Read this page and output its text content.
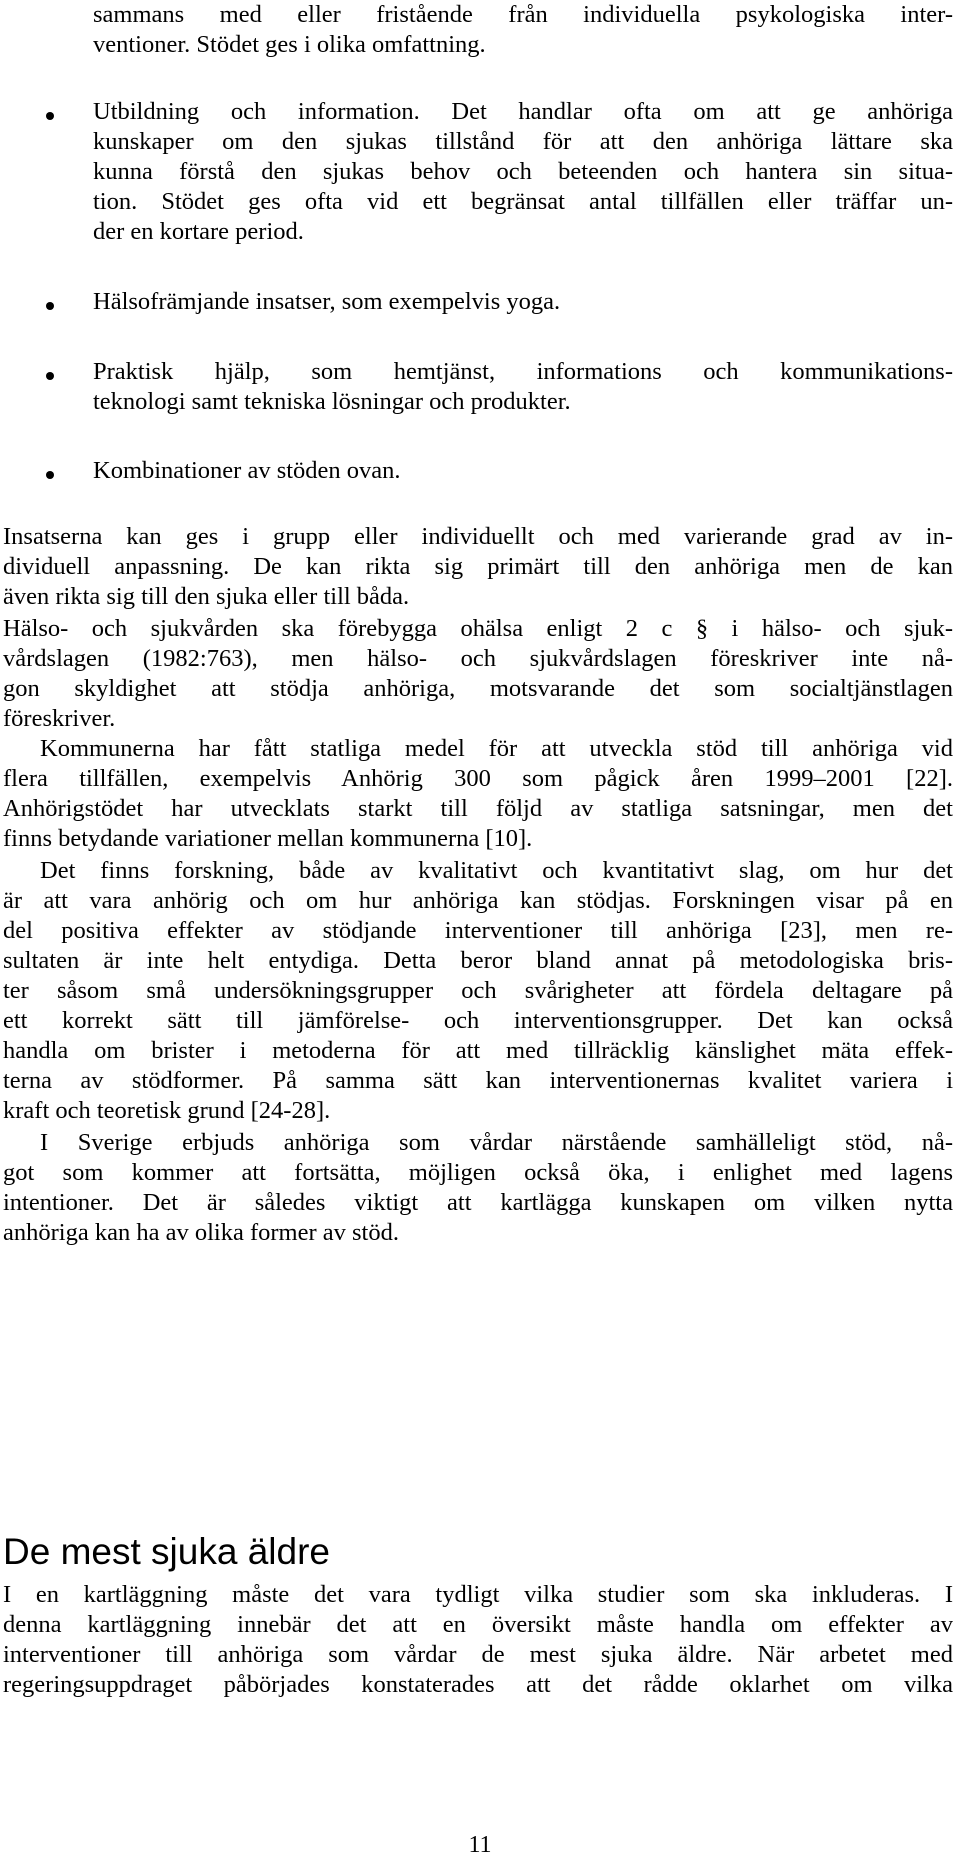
sammans med eller fristående från individuella psykologiska inter-
ventioner. Stödet ges i olika omfattning.
Utbildning och information. Det handlar ofta om att ge anhöriga
kunskaper om den sjukas tillstånd för att den anhöriga lättare ska
kunna förstå den sjukas behov och beteenden och hantera sin situa-
tion. Stödet ges ofta vid ett begränsat antal tillfällen eller träffar un-
der en kortare period.
Hälsofrämjande insatser, som exempelvis yoga.
Praktisk hjälp, som hemtjänst, informations och kommunikations-
teknologi samt tekniska lösningar och produkter.
Kombinationer av stöden ovan.
Insatserna kan ges i grupp eller individuellt och med varierande grad av in-
dividuell anpassning. De kan rikta sig primärt till den anhöriga men de kan
även rikta sig till den sjuka eller till båda.
Hälso- och sjukvården ska förebygga ohälsa enligt 2 c § i hälso- och sjuk-
vårdslagen (1982:763), men hälso- och sjukvårdslagen föreskriver inte nå-
gon skyldighet att stödja anhöriga, motsvarande det som socialtjänstlagen
föreskriver.
Kommunerna har fått statliga medel för att utveckla stöd till anhöriga vid
flera tillfällen, exempelvis Anhörig 300 som pågick åren 1999–2001 [22].
Anhörigstödet har utvecklats starkt till följd av statliga satsningar, men det
finns betydande variationer mellan kommunerna [10].
Det finns forskning, både av kvalitativt och kvantitativt slag, om hur det
är att vara anhörig och om hur anhöriga kan stödjas. Forskningen visar på en
del positiva effekter av stödjande interventioner till anhöriga [23], men re-
sultaten är inte helt entydiga. Detta beror bland annat på metodologiska bris-
ter såsom små undersökningsgrupper och svårigheter att fördela deltagare på
ett korrekt sätt till jämförelse- och interventionsgrupper. Det kan också
handla om brister i metoderna för att med tillräcklig känslighet mäta effek-
terna av stödformer. På samma sätt kan interventionernas kvalitet variera i
kraft och teoretisk grund [24-28].
I Sverige erbjuds anhöriga som vårdar närstående samhälleligt stöd, nå-
got som kommer att fortsätta, möjligen också öka, i enlighet med lagens
intentioner. Det är således viktigt att kartlägga kunskapen om vilken nytta
anhöriga kan ha av olika former av stöd.
De mest sjuka äldre
I en kartläggning måste det vara tydligt vilka studier som ska inkluderas. I
denna kartläggning innebär det att en översikt måste handla om effekter av
interventioner till anhöriga som vårdar de mest sjuka äldre. När arbetet med
regeringsuppdraget påbörjades konstaterades att det rådde oklarhet om vilka
11
